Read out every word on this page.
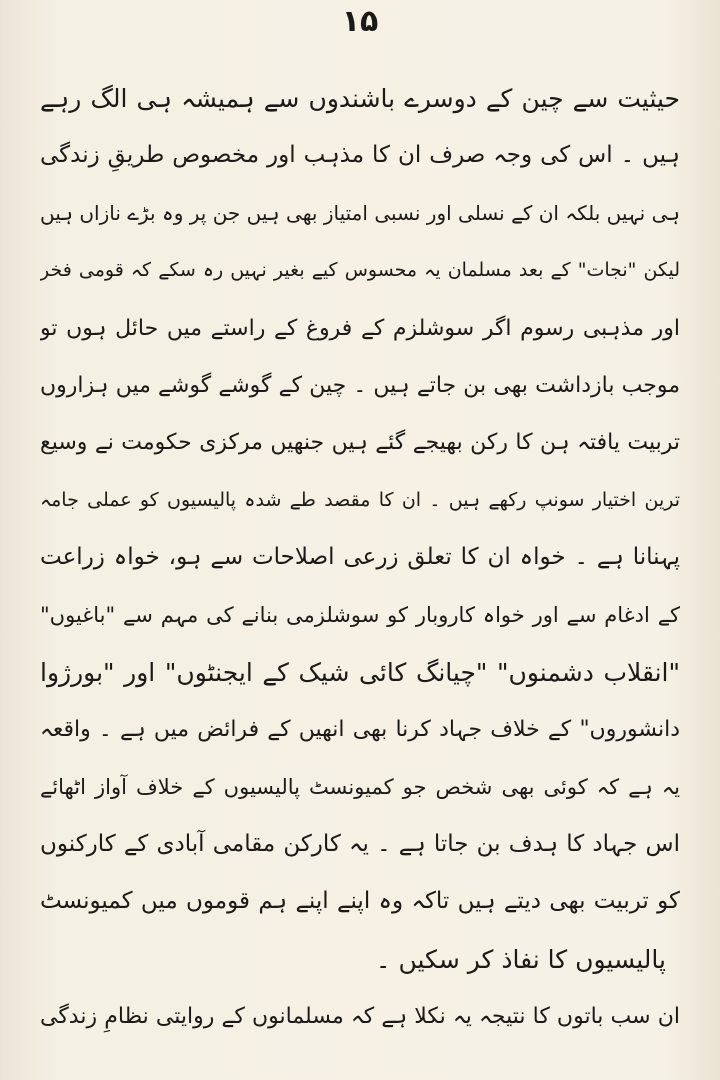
۱۵
حیثیت سے چین کے دوسرے باشندوں سے ہمیشہ ہی الگ رہے
ہیں ۔ اس کی وجہ صرف ان کا مذہب اور مخصوص طریقِ زندگی
ہی نہیں بلکہ ان کے نسلی اور نسبی امتیاز بھی ہیں جن پر وہ بڑے نازاں ہیں
لیکن "نجات" کے بعد مسلمان یہ محسوس کیے بغیر نہیں رہ سکے کہ قومی فخر
اور مذہبی رسوم اگر سوشلزم کے فروغ کے راستے میں حائل ہوں تو
موجب بازداشت بھی بن جاتے ہیں ۔ چین کے گوشے گوشے میں ہزاروں
تربیت یافتہ ہن کا رکن بھیجے گئے ہیں جنھیں مرکزی حکومت نے وسیع
ترین اختیار سونپ رکھے ہیں ۔ ان کا مقصد طے شدہ پالیسیوں کو عملی جامہ
پہنانا ہے ۔ خواہ ان کا تعلق زرعی اصلاحات سے ہو، خواہ زراعت
کے ادغام سے اور خواہ کاروبار کو سوشلزمی بنانے کی مہم سے "باغیوں"
"انقلاب دشمنوں" "چیانگ کائی شیک کے ایجنٹوں" اور "بورژوا
دانشوروں" کے خلاف جہاد کرنا بھی انھیں کے فرائض میں ہے ۔ واقعہ
یہ ہے کہ کوئی بھی شخص جو کمیونسٹ پالیسیوں کے خلاف آواز اٹھائے
اس جہاد کا ہدف بن جاتا ہے ۔ یہ کارکن مقامی آبادی کے کارکنوں
کو تربیت بھی دیتے ہیں تاکہ وہ اپنے اپنے ہم قوموں میں کمیونسٹ
پالیسیوں کا نفاذ کر سکیں ۔
ان سب باتوں کا نتیجہ یہ نکلا ہے کہ مسلمانوں کے روایتی نظامِ زندگی
